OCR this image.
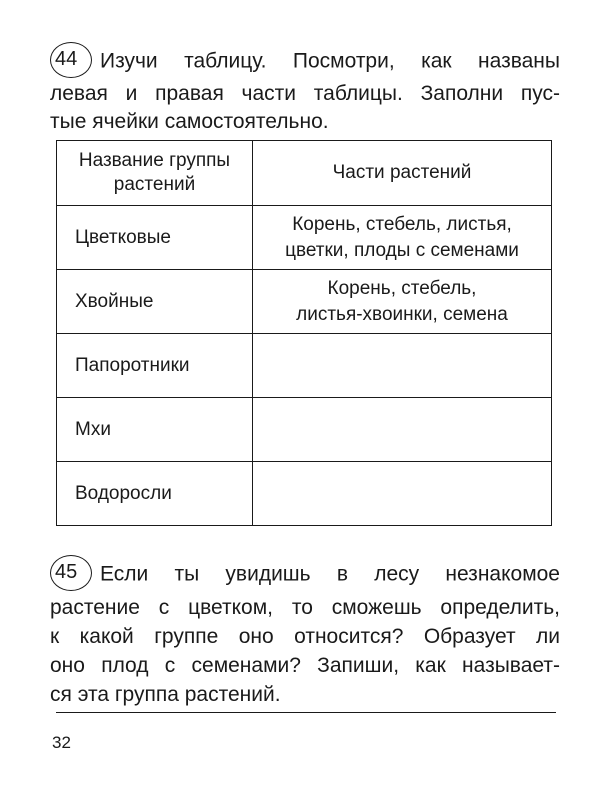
44 Изучи таблицу. Посмотри, как названы

левая и правая части таблицы. Заполни пус-

тые ячейки самостоятельно.

Название группы растений	Части растений
Цветковые	Корень, стебель, листья,
цветки, плоды с семенами

Хвойные	Корень, стебель,
листья-хвоинки, семена

Папоротники	
Мхи	
Водоросли	

45 Если ты увидишь в лесу незнакомое

растение с цветком, то сможешь определить,

к какой группе оно относится? Образует ли

оно плод с семенами? Запиши, как называет-

ся эта группа растений.

32
